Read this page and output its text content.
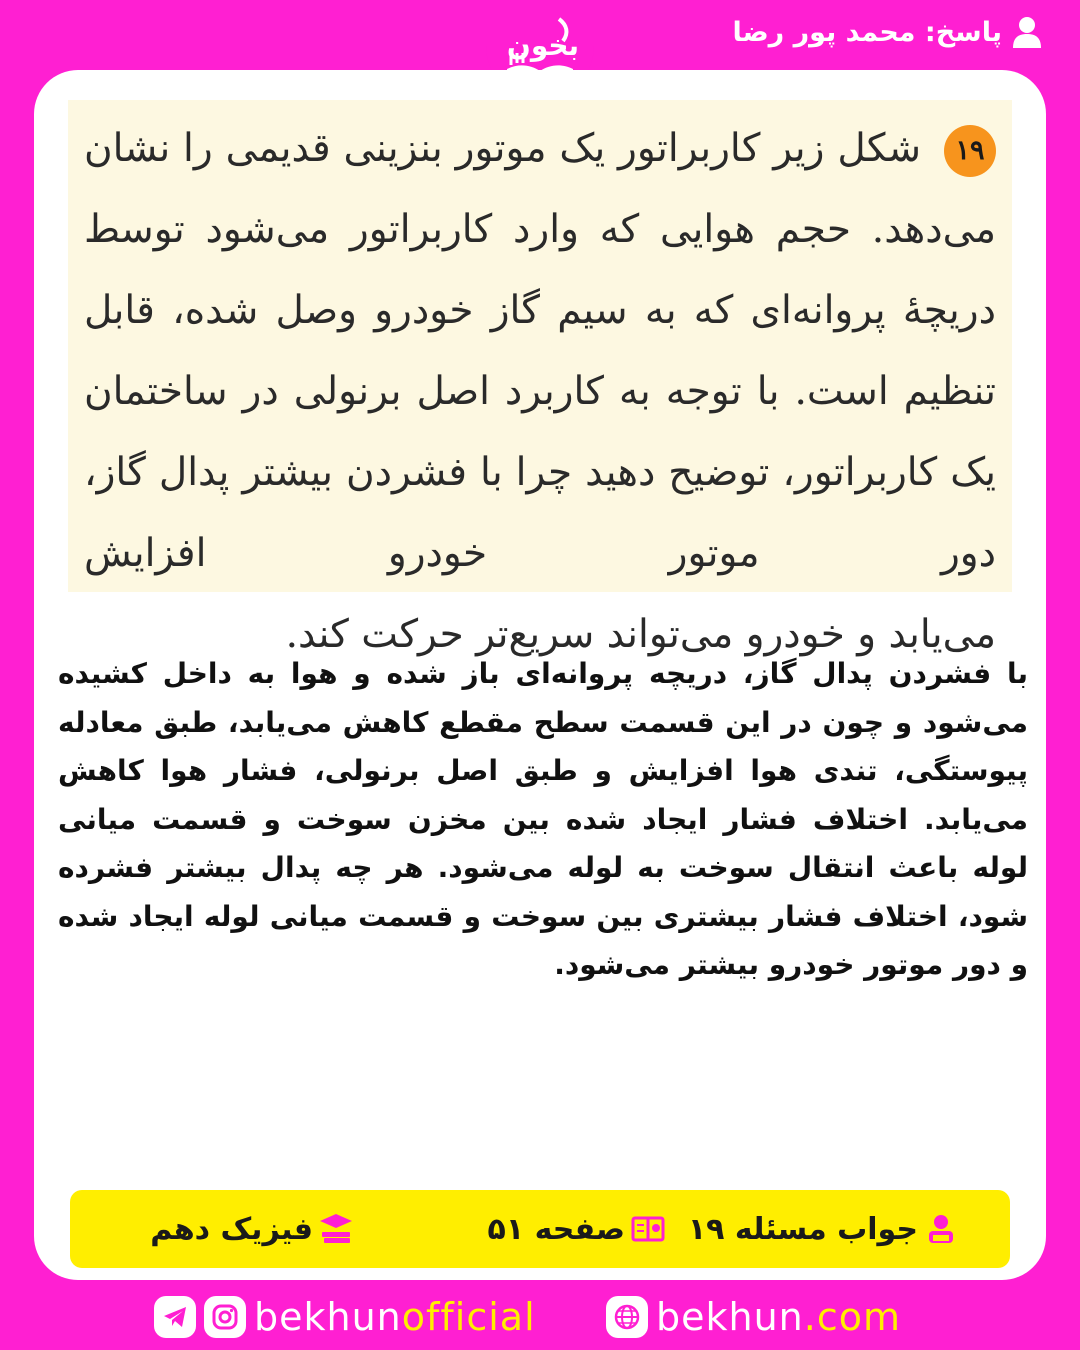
پاسخ: محمد پور رضا
بخون
۱۹ شکل زیر کاربراتور یک موتور بنزینی قدیمی را نشان می‌دهد. حجم هوایی که وارد کاربراتور می‌شود توسط دریچهٔ پروانه‌ای که به سیم گاز خودرو وصل شده، قابل تنظیم است. با توجه به کاربرد اصل برنولی در ساختمان یک کاربراتور، توضیح دهید چرا با فشردن بیشتر پدال گاز، دور موتور خودرو افزایش
می‌یابد و خودرو می‌تواند سریع‌تر حرکت کند.
با فشردن پدال گاز، دریچه پروانه‌ای باز شده و هوا به داخل کشیده می‌شود و چون در این قسمت سطح مقطع کاهش می‌یابد، طبق معادله پیوستگی، تندی هوا افزایش و طبق اصل برنولی، فشار هوا کاهش می‌یابد. اختلاف فشار ایجاد شده بین مخزن سوخت و قسمت میانی لوله باعث انتقال سوخت به لوله می‌شود. هر چه پدال بیشتر فشرده شود، اختلاف فشار بیشتری بین سوخت و قسمت میانی لوله ایجاد شده و دور موتور خودرو بیشتر می‌شود.
جواب مسئله ۱۹
صفحه ۵۱
فیزیک دهم
bekhunofficial	bekhun.com
